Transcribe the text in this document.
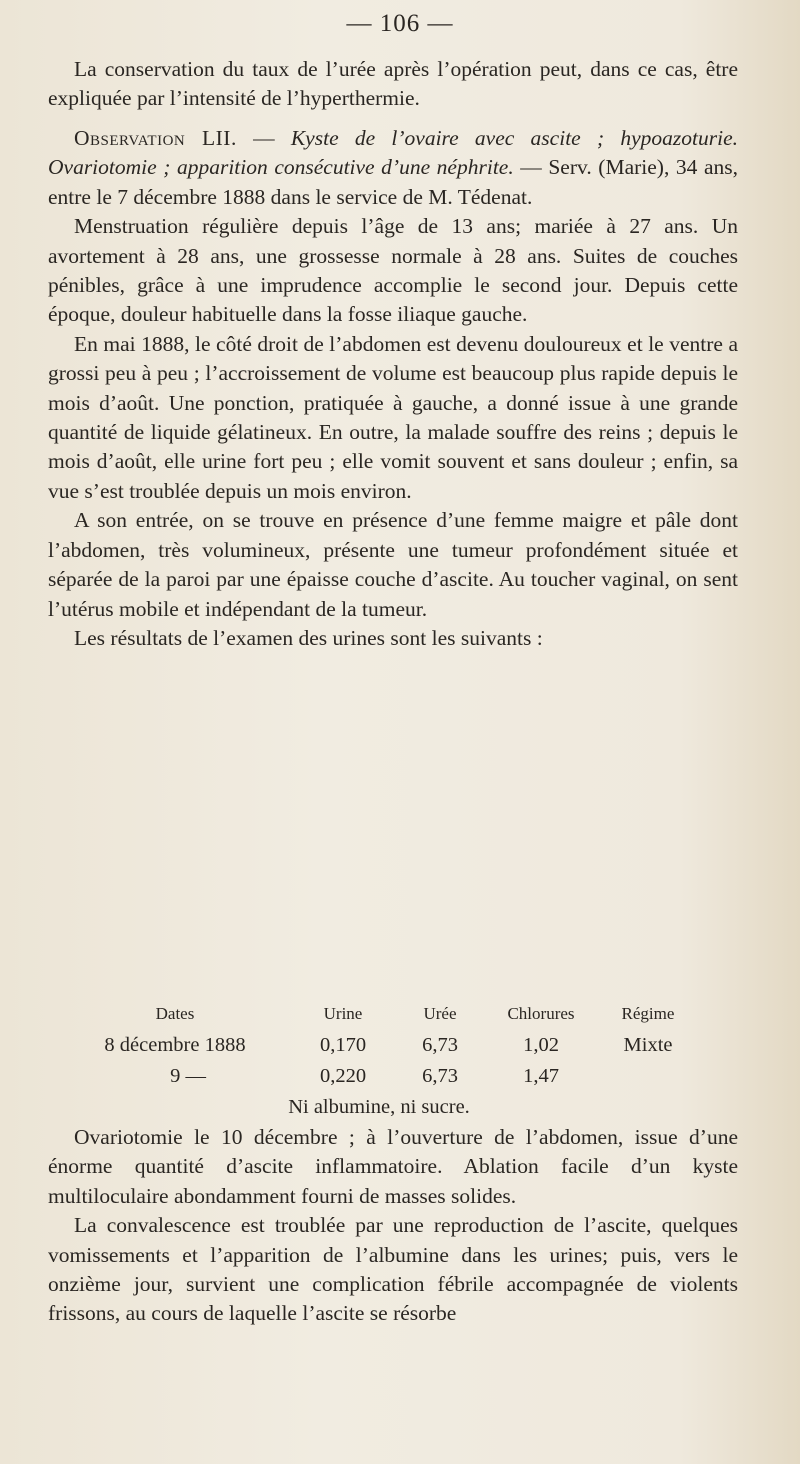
— 106 —

La conservation du taux de l’urée après l’opération peut, dans ce cas, être expliquée par l’intensité de l’hyperthermie.

Observation LII. — Kyste de l’ovaire avec ascite ; hypoazoturie. Ovariotomie ; apparition consécutive d’une néphrite. — Serv. (Marie), 34 ans, entre le 7 décembre 1888 dans le service de M. Tédenat.

Menstruation régulière depuis l’âge de 13 ans; mariée à 27 ans. Un avortement à 28 ans, une grossesse normale à 28 ans. Suites de couches pénibles, grâce à une imprudence accomplie le second jour. Depuis cette époque, douleur habituelle dans la fosse iliaque gauche.

En mai 1888, le côté droit de l’abdomen est devenu douloureux et le ventre a grossi peu à peu ; l’accroissement de volume est beaucoup plus rapide depuis le mois d’août. Une ponction, pratiquée à gauche, a donné issue à une grande quantité de liquide gélatineux. En outre, la malade souffre des reins ; depuis le mois d’août, elle urine fort peu ; elle vomit souvent et sans douleur ; enfin, sa vue s’est troublée depuis un mois environ.

A son entrée, on se trouve en présence d’une femme maigre et pâle dont l’abdomen, très volumineux, présente une tumeur profondément située et séparée de la paroi par une épaisse couche d’ascite. Au toucher vaginal, on sent l’utérus mobile et indépendant de la tumeur.

Les résultats de l’examen des urines sont les suivants :

Dates	Urine	Urée	Chlorures	Régime
8 décembre 1888	0,170	6,73	1,02	Mixte
9 —	0,220	6,73	1,47	
Ni albumine, ni sucre.				

Ovariotomie le 10 décembre ; à l’ouverture de l’abdomen, issue d’une énorme quantité d’ascite inflammatoire. Ablation facile d’un kyste multiloculaire abondamment fourni de masses solides.

La convalescence est troublée par une reproduction de l’ascite, quelques vomissements et l’apparition de l’albumine dans les urines; puis, vers le onzième jour, survient une complication fébrile accompagnée de violents frissons, au cours de laquelle l’ascite se résorbe
